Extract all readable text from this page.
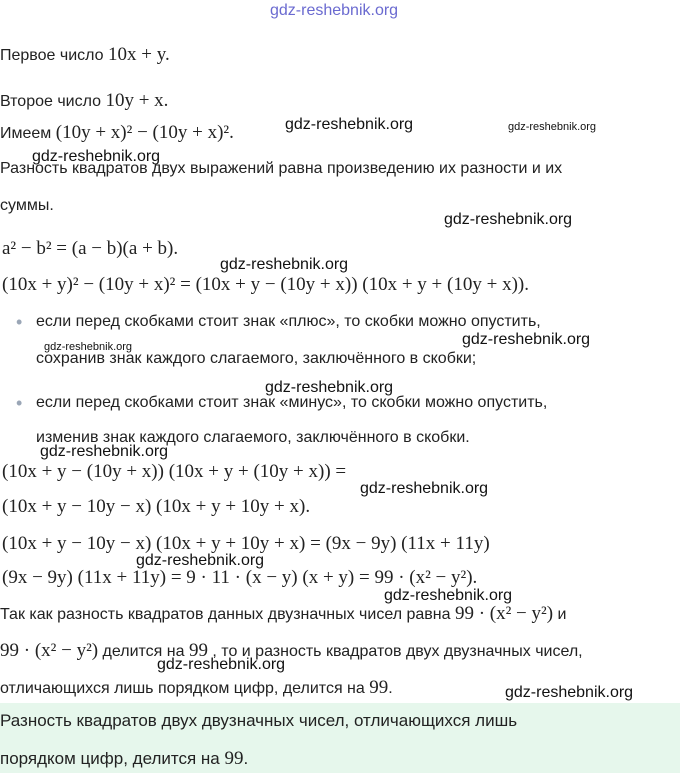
gdz-reshebnik.org
Первое число 10x + y.
Второе число 10y + x.
Имеем (10y + x)² − (10y + x)².
Разность квадратов двух выражений равна произведению их разности и их
суммы.
a² − b² = (a − b)(a + b).
(10x + y)² − (10y + x)² = (10x + y − (10y + x)) (10x + y + (10y + x)).
• если перед скобками стоит знак «плюс», то скобки можно опустить,
сохранив знак каждого слагаемого, заключённого в скобки;
• если перед скобками стоит знак «минус», то скобки можно опустить,
изменив знак каждого слагаемого, заключённого в скобки.
(10x + y − (10y + x)) (10x + y + (10y + x)) =
(10x + y − 10y − x) (10x + y + 10y + x).
(10x + y − 10y − x) (10x + y + 10y + x) = (9x − 9y) (11x + 11y)
(9x − 9y) (11x + 11y) = 9 · 11 · (x − y) (x + y) = 99 · (x² − y²).
Так как разность квадратов данных двузначных чисел равна 99 · (x² − y²) и
99 · (x² − y²) делится на 99 , то и разность квадратов двух двузначных чисел,
отличающихся лишь порядком цифр, делится на 99.
Разность квадратов двух двузначных чисел, отличающихся лишь
порядком цифр, делится на 99.
gdz-reshebnik.org	gdz-reshebnik.org
gdz-reshebnik.org
gdz-reshebnik.org
gdz-reshebnik.org
gdz-reshebnik.org	gdz-reshebnik.org
gdz-reshebnik.org
gdz-reshebnik.org
gdz-reshebnik.org
gdz-reshebnik.org
gdz-reshebnik.org
gdz-reshebnik.org
gdz-reshebnik.org
